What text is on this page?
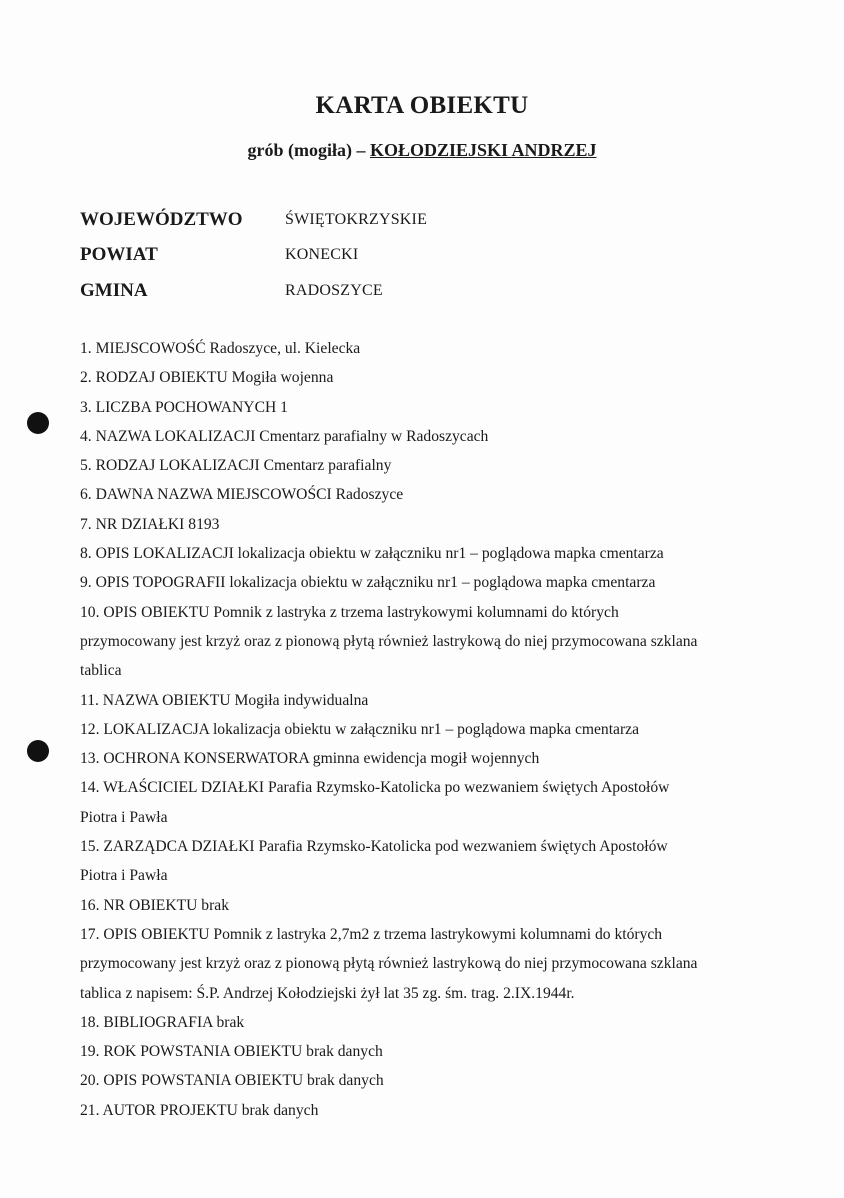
KARTA OBIEKTU
grób (mogiła) – KOŁODZIEJSKI ANDRZEJ
WOJEWÓDZTWO	ŚWIĘTOKRZYSKIE
POWIAT	KONECKI
GMINA	RADOSZYCE
1. MIEJSCOWOŚĆ Radoszyce, ul. Kielecka
2. RODZAJ OBIEKTU Mogiła wojenna
3. LICZBA POCHOWANYCH 1
4. NAZWA LOKALIZACJI Cmentarz parafialny w Radoszycach
5. RODZAJ LOKALIZACJI Cmentarz parafialny
6. DAWNA NAZWA MIEJSCOWOŚCI Radoszyce
7. NR DZIAŁKI 8193
8. OPIS LOKALIZACJI lokalizacja obiektu w załączniku nr1 – poglądowa mapka cmentarza
9. OPIS TOPOGRAFII lokalizacja obiektu w załączniku nr1 – poglądowa mapka cmentarza
10. OPIS OBIEKTU Pomnik z lastryka z trzema lastrykowymi kolumnami do których
przymocowany jest krzyż oraz z pionową płytą również lastrykową do niej przymocowana szklana
tablica
11. NAZWA OBIEKTU Mogiła indywidualna
12. LOKALIZACJA lokalizacja obiektu w załączniku nr1 – poglądowa mapka cmentarza
13. OCHRONA KONSERWATORA gminna ewidencja mogił wojennych
14. WŁAŚCICIEL DZIAŁKI Parafia Rzymsko-Katolicka po wezwaniem świętych Apostołów
Piotra i Pawła
15. ZARZĄDCA DZIAŁKI Parafia Rzymsko-Katolicka pod wezwaniem świętych Apostołów
Piotra i Pawła
16. NR OBIEKTU brak
17. OPIS OBIEKTU Pomnik z lastryka 2,7m2 z trzema lastrykowymi kolumnami do których
przymocowany jest krzyż oraz z pionową płytą również lastrykową do niej przymocowana szklana
tablica z napisem: Ś.P. Andrzej Kołodziejski żył lat 35 zg. śm. trag. 2.IX.1944r.
18. BIBLIOGRAFIA brak
19. ROK POWSTANIA OBIEKTU brak danych
20. OPIS POWSTANIA OBIEKTU brak danych
21. AUTOR PROJEKTU brak danych
